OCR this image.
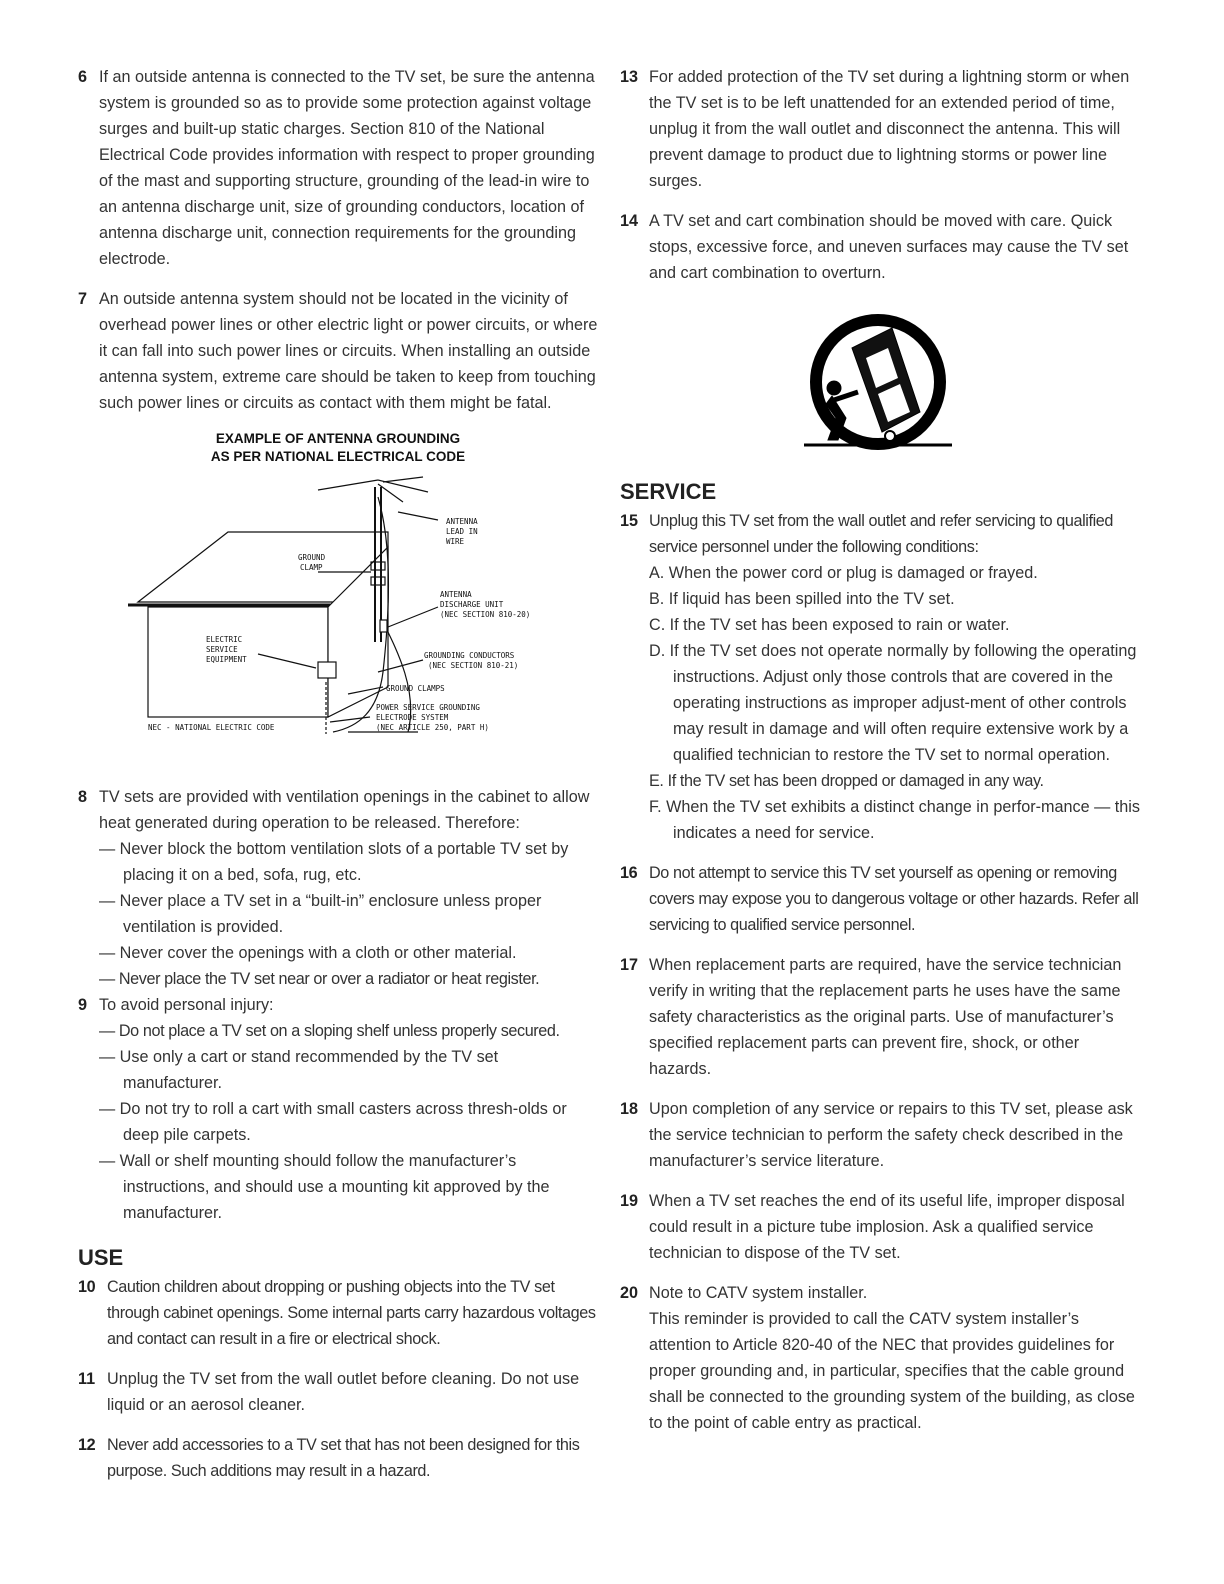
6 If an outside antenna is connected to the TV set, be sure the antenna system is grounded so as to provide some protection against voltage surges and built-up static charges. Section 810 of the National Electrical Code provides information with respect to proper grounding of the mast and supporting structure, grounding of the lead-in wire to an antenna discharge unit, size of grounding conductors, location of antenna discharge unit, connection requirements for the grounding electrode.

7 An outside antenna system should not be located in the vicinity of overhead power lines or other electric light or power circuits, or where it can fall into such power lines or circuits. When installing an outside antenna system, extreme care should be taken to keep from touching such power lines or circuits as contact with them might be fatal.

EXAMPLE OF ANTENNA GROUNDING
AS PER NATIONAL ELECTRICAL CODE
ANTENNA
LEAD IN
WIRE
GROUND
CLAMP
ANTENNA
DISCHARGE UNIT
(NEC SECTION 810-20)
ELECTRIC
SERVICE
EQUIPMENT	GROUNDING CONDUCTORS
(NEC SECTION 810-21)
GROUND CLAMPS
POWER SERVICE GROUNDING
ELECTRODE SYSTEM
(NEC ARTICLE 250, PART H)
NEC - NATIONAL ELECTRIC CODE
8 TV sets are provided with ventilation openings in the cabinet to allow heat generated during operation to be released. Therefore:

— Never block the bottom ventilation slots of a portable TV set by placing it on a bed, sofa, rug, etc.

— Never place a TV set in a “built-in” enclosure unless proper ventilation is provided.

— Never cover the openings with a cloth or other material.

— Never place the TV set near or over a radiator or heat register.

9 To avoid personal injury:

— Do not place a TV set on a sloping shelf unless properly secured.

— Use only a cart or stand recommended by the TV set manufacturer.

— Do not try to roll a cart with small casters across thresh-olds or deep pile carpets.

— Wall or shelf mounting should follow the manufacturer’s instructions, and should use a mounting kit approved by the manufacturer.

USE
10 Caution children about dropping or pushing objects into the TV set through cabinet openings. Some internal parts carry hazardous voltages and contact can result in a fire or electrical shock.

11 Unplug the TV set from the wall outlet before cleaning. Do not use liquid or an aerosol cleaner.

12 Never add accessories to a TV set that has not been designed for this purpose. Such additions may result in a hazard.

13 For added protection of the TV set during a lightning storm or when the TV set is to be left unattended for an extended period of time, unplug it from the wall outlet and disconnect the antenna. This will prevent damage to product due to lightning storms or power line surges.

14 A TV set and cart combination should be moved with care. Quick stops, excessive force, and uneven surfaces may cause the TV set and cart combination to overturn.

SERVICE
15 Unplug this TV set from the wall outlet and refer servicing to qualified service personnel under the following conditions:

A. When the power cord or plug is damaged or frayed.

B. If liquid has been spilled into the TV set.

C. If the TV set has been exposed to rain or water.

D. If the TV set does not operate normally by following the operating instructions. Adjust only those controls that are covered in the operating instructions as improper adjust-ment of other controls may result in damage and will often require extensive work by a qualified technician to restore the TV set to normal operation.

E. If the TV set has been dropped or damaged in any way.

F. When the TV set exhibits a distinct change in perfor-mance — this indicates a need for service.

16 Do not attempt to service this TV set yourself as opening or removing covers may expose you to dangerous voltage or other hazards. Refer all servicing to qualified service personnel.

17 When replacement parts are required, have the service technician verify in writing that the replacement parts he uses have the same safety characteristics as the original parts. Use of manufacturer’s specified replacement parts can prevent fire, shock, or other hazards.

18 Upon completion of any service or repairs to this TV set, please ask the service technician to perform the safety check described in the manufacturer’s service literature.

19 When a TV set reaches the end of its useful life, improper disposal could result in a picture tube implosion. Ask a qualified service technician to dispose of the TV set.

20 Note to CATV system installer.

This reminder is provided to call the CATV system installer’s attention to Article 820-40 of the NEC that provides guidelines for proper grounding and, in particular, specifies that the cable ground shall be connected to the grounding system of the building, as close to the point of cable entry as practical.
